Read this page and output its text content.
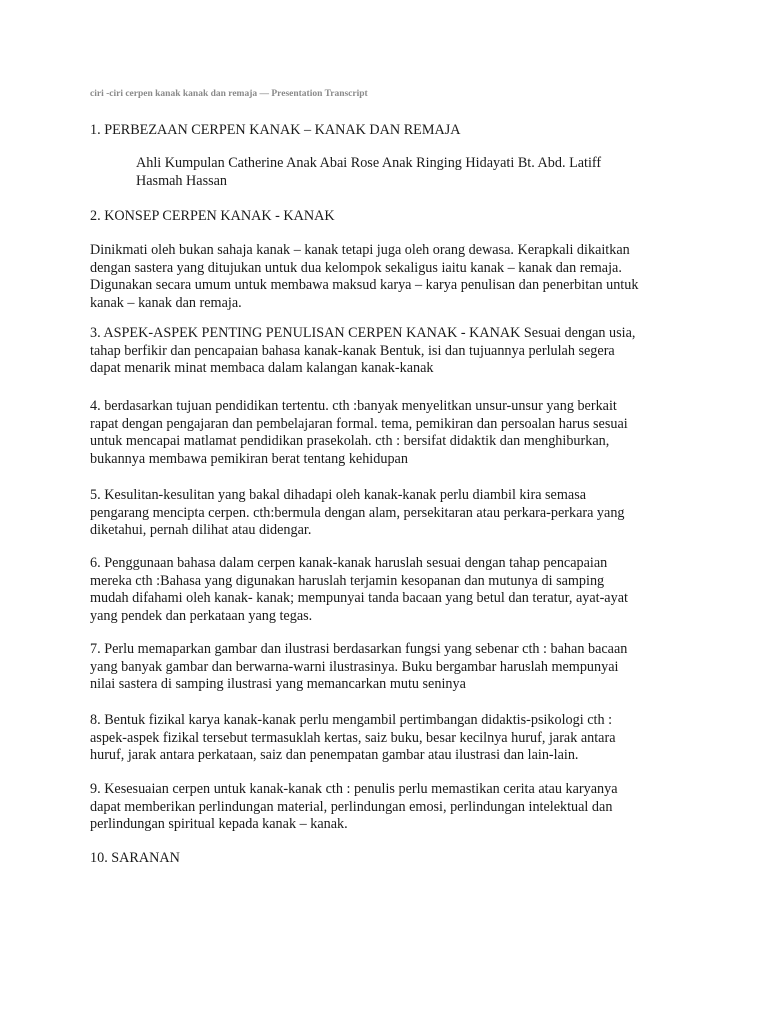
ciri -ciri cerpen kanak kanak dan remaja — Presentation Transcript
1. PERBEZAAN CERPEN KANAK – KANAK DAN REMAJA
Ahli Kumpulan Catherine Anak Abai Rose Anak Ringing Hidayati Bt. Abd. Latiff
Hasmah Hassan
2. KONSEP CERPEN KANAK - KANAK
Dinikmati oleh bukan sahaja kanak – kanak tetapi juga oleh orang dewasa. Kerapkali dikaitkan
dengan sastera yang ditujukan untuk dua kelompok sekaligus iaitu kanak – kanak dan remaja.
Digunakan secara umum untuk membawa maksud karya – karya penulisan dan penerbitan untuk
kanak – kanak dan remaja.
3. ASPEK-ASPEK PENTING PENULISAN CERPEN KANAK - KANAK Sesuai dengan usia,
tahap berfikir dan pencapaian bahasa kanak-kanak Bentuk, isi dan tujuannya perlulah segera
dapat menarik minat membaca dalam kalangan kanak-kanak
4. berdasarkan tujuan pendidikan tertentu. cth :banyak menyelitkan unsur-unsur yang berkait
rapat dengan pengajaran dan pembelajaran formal. tema, pemikiran dan persoalan harus sesuai
untuk mencapai matlamat pendidikan prasekolah. cth : bersifat didaktik dan menghiburkan,
bukannya membawa pemikiran berat tentang kehidupan
5. Kesulitan-kesulitan yang bakal dihadapi oleh kanak-kanak perlu diambil kira semasa
pengarang mencipta cerpen. cth:bermula dengan alam, persekitaran atau perkara-perkara yang
diketahui, pernah dilihat atau didengar.
6. Penggunaan bahasa dalam cerpen kanak-kanak haruslah sesuai dengan tahap pencapaian
mereka cth :Bahasa yang digunakan haruslah terjamin kesopanan dan mutunya di samping
mudah difahami oleh kanak- kanak; mempunyai tanda bacaan yang betul dan teratur, ayat-ayat
yang pendek dan perkataan yang tegas.
7. Perlu memaparkan gambar dan ilustrasi berdasarkan fungsi yang sebenar cth : bahan bacaan
yang banyak gambar dan berwarna-warni ilustrasinya. Buku bergambar haruslah mempunyai
nilai sastera di samping ilustrasi yang memancarkan mutu seninya
8. Bentuk fizikal karya kanak-kanak perlu mengambil pertimbangan didaktis-psikologi cth :
aspek-aspek fizikal tersebut termasuklah kertas, saiz buku, besar kecilnya huruf, jarak antara
huruf, jarak antara perkataan, saiz dan penempatan gambar atau ilustrasi dan lain-lain.
9. Kesesuaian cerpen untuk kanak-kanak cth : penulis perlu memastikan cerita atau karyanya
dapat memberikan perlindungan material, perlindungan emosi, perlindungan intelektual dan
perlindungan spiritual kepada kanak – kanak.
10. SARANAN
